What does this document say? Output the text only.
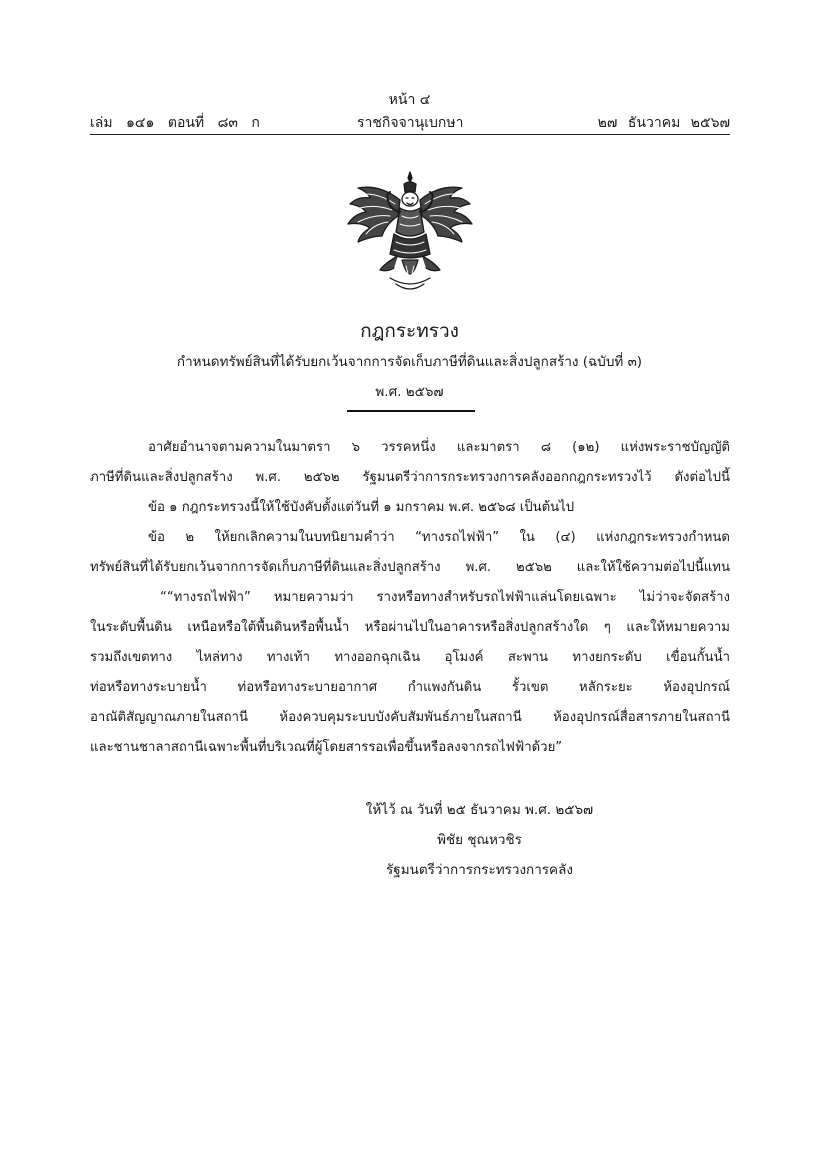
หน้า ๔
เล่ม ๑๔๑ ตอนที่ ๘๓ ก	ราชกิจจานุเบกษา	๒๗ ธันวาคม ๒๕๖๗
กฎกระทรวง
กำหนดทรัพย์สินที่ได้รับยกเว้นจากการจัดเก็บภาษีที่ดินและสิ่งปลูกสร้าง (ฉบับที่ ๓)
พ.ศ. ๒๕๖๗
อาศัยอำนาจตามความในมาตรา ๖ วรรคหนึ่ง และมาตรา ๘ (๑๒) แห่งพระราชบัญญัติ
ภาษีที่ดินและสิ่งปลูกสร้าง พ.ศ. ๒๕๖๒ รัฐมนตรีว่าการกระทรวงการคลังออกกฎกระทรวงไว้ ดังต่อไปนี้
ข้อ ๑ กฎกระทรวงนี้ให้ใช้บังคับตั้งแต่วันที่ ๑ มกราคม พ.ศ. ๒๕๖๘ เป็นต้นไป
ข้อ ๒ ให้ยกเลิกความในบทนิยามคำว่า “ทางรถไฟฟ้า” ใน (๔) แห่งกฎกระทรวงกำหนด
ทรัพย์สินที่ได้รับยกเว้นจากการจัดเก็บภาษีที่ดินและสิ่งปลูกสร้าง พ.ศ. ๒๕๖๒ และให้ใช้ความต่อไปนี้แทน
““ทางรถไฟฟ้า” หมายความว่า รางหรือทางสำหรับรถไฟฟ้าแล่นโดยเฉพาะ ไม่ว่าจะจัดสร้าง
ในระดับพื้นดิน เหนือหรือใต้พื้นดินหรือพื้นน้ำ หรือผ่านไปในอาคารหรือสิ่งปลูกสร้างใด ๆ และให้หมายความ
รวมถึงเขตทาง ไหล่ทาง ทางเท้า ทางออกฉุกเฉิน อุโมงค์ สะพาน ทางยกระดับ เขื่อนกั้นน้ำ
ท่อหรือทางระบายน้ำ ท่อหรือทางระบายอากาศ กำแพงกันดิน รั้วเขต หลักระยะ ห้องอุปกรณ์
อาณัติสัญญาณภายในสถานี ห้องควบคุมระบบบังคับสัมพันธ์ภายในสถานี ห้องอุปกรณ์สื่อสารภายในสถานี
และชานชาลาสถานีเฉพาะพื้นที่บริเวณที่ผู้โดยสารรอเพื่อขึ้นหรือลงจากรถไฟฟ้าด้วย”
ให้ไว้ ณ วันที่ ๒๕ ธันวาคม พ.ศ. ๒๕๖๗
พิชัย ชุณหวชิร
รัฐมนตรีว่าการกระทรวงการคลัง
